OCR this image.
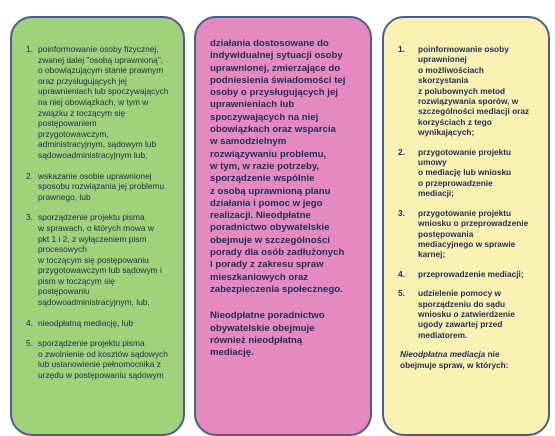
1. poinformowanie osoby fizycznej,
zwanej dalej "osobą uprawnioną",
o obowiązującym stanie prawnym
oraz przysługujących jej
uprawnieniach lub spoczywających
na niej obowiązkach, w tym w
związku z toczącym się
postępowaniem
przygotowawczym,
administracyjnym, sądowym lub
sądowoadministracyjnym lub,
2. wskazanie osobie uprawnionej
sposobu rozwiązania jej problemu
prawnego, lub
3. sporządzenie projektu pisma
w sprawach, o których mowa w
pkt 1 i 2, z wyłączeniem pism
procesowych
w toczącym się postępowaniu
przygotowawczym lub sądowym i
pism w toczącym się
postępowaniu
sądowoadministracyjnym, lub,
4. nieodpłatną mediację, lub
5. sporządzenie projektu pisma
o zwolnienie od kosztów sądowych
lub ustanowienie pełnomocnika z
urzędu w postępowaniu sądowym

działania dostosowane do
indywidualnej sytuacji osoby
uprawnionej, zmierzające do
podniesienia świadomości tej
osoby o przysługujących jej
uprawnieniach lub
spoczywających na niej
obowiązkach oraz wsparcia
w samodzielnym
rozwiązywaniu problemu,
w tym, w razie potrzeby,
sporządzenie wspólnie
z osobą uprawnioną planu
działania i pomoc w jego
realizacji. Nieodpłatne
poradnictwo obywatelskie
obejmuje w szczególności
porady dla osób zadłużonych
i porady z zakresu spraw
mieszkaniowych oraz
zabezpieczenia społecznego.

Nieodpłatne poradnictwo
obywatelskie obejmuje
również nieodpłatną
mediację.

1.	poinformowanie osoby
uprawnionej
o możliwościach
skorzystania
z polubownych metod
rozwiązywania sporów, w
szczególności mediacji oraz
korzyściach z tego
wynikających;
2.	przygotowanie projektu
umowy
o mediację lub wniosku
o przeprowadzenie
mediacji;
3.	przygotowanie projektu
wniosku o przeprowadzenie
postępowania
mediacyjnego w sprawie
karnej;
4.	przeprowadzenie mediacji;
5.	udzielenie pomocy w
sporządzeniu do sądu
wniosku o zatwierdzenie
ugody zawartej przed
mediatorem.
Nieodpłatna mediacja nie
obejmuje spraw, w których:
